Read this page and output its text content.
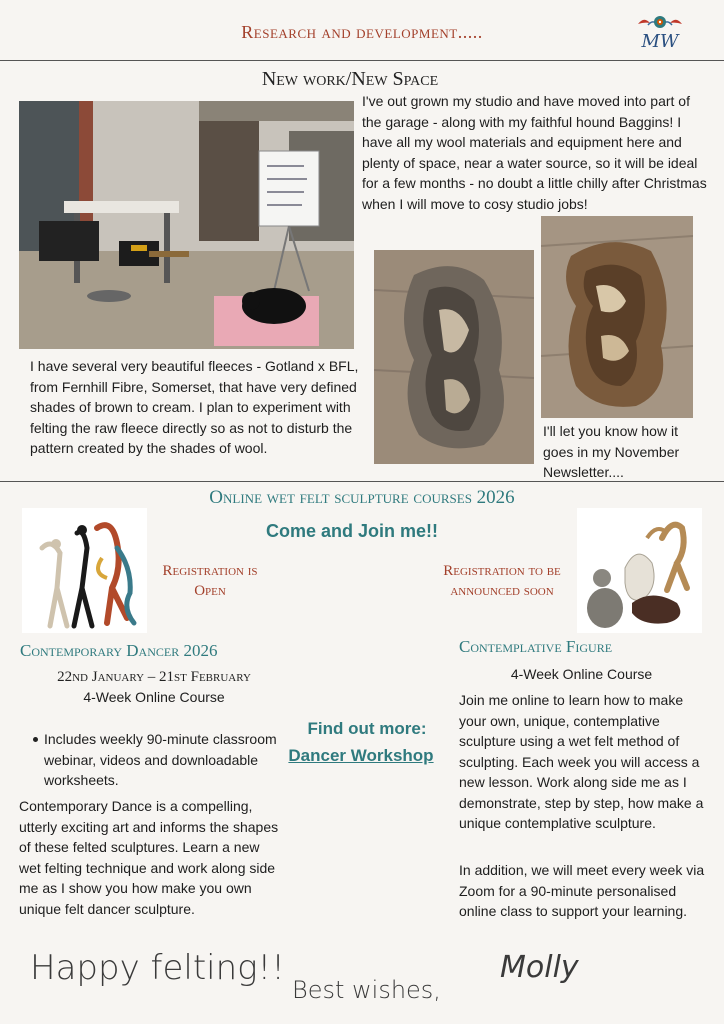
Research and development.....	MW
New work/New Space
I've out grown my studio and have moved into part of the garage - along with my faithful hound Baggins! I have all my wool materials and equipment here and plenty of space, near a water source, so it will be ideal for a few months - no doubt a little chilly after Christmas when I will move to cosy studio jobs!
I have several very beautiful fleeces - Gotland x BFL, from Fernhill Fibre, Somerset, that have very defined shades of brown to cream. I plan to experiment with felting the raw fleece directly so as not to disturb the pattern created by the shades of wool.
I'll let you know how it goes in my November Newsletter....
Online wet felt sculpture courses 2026
Come and Join me!!
Registration is Open
Registration to be announced soon
Contemporary Dancer 2026
22nd January – 21st February
4-Week Online Course
Includes weekly 90-minute classroom webinar, videos and downloadable worksheets.
Contemporary Dance is a compelling, utterly exciting art and informs the shapes of these felted sculptures. Learn a new wet felting technique and work along side me as I show you how make you own unique felt dancer sculpture.
Find out more:
Dancer Workshop
Contemplative Figure
4-Week Online Course
Join me online to learn how to make your own, unique, contemplative sculpture using a wet felt method of sculpting. Each week you will access a new lesson. Work along side me as I demonstrate, step by step, how make a unique contemplative sculpture.
In addition, we will meet every week via Zoom for a 90-minute personalised online class to support your learning.
Happy felting!!
Best wishes,
Molly
